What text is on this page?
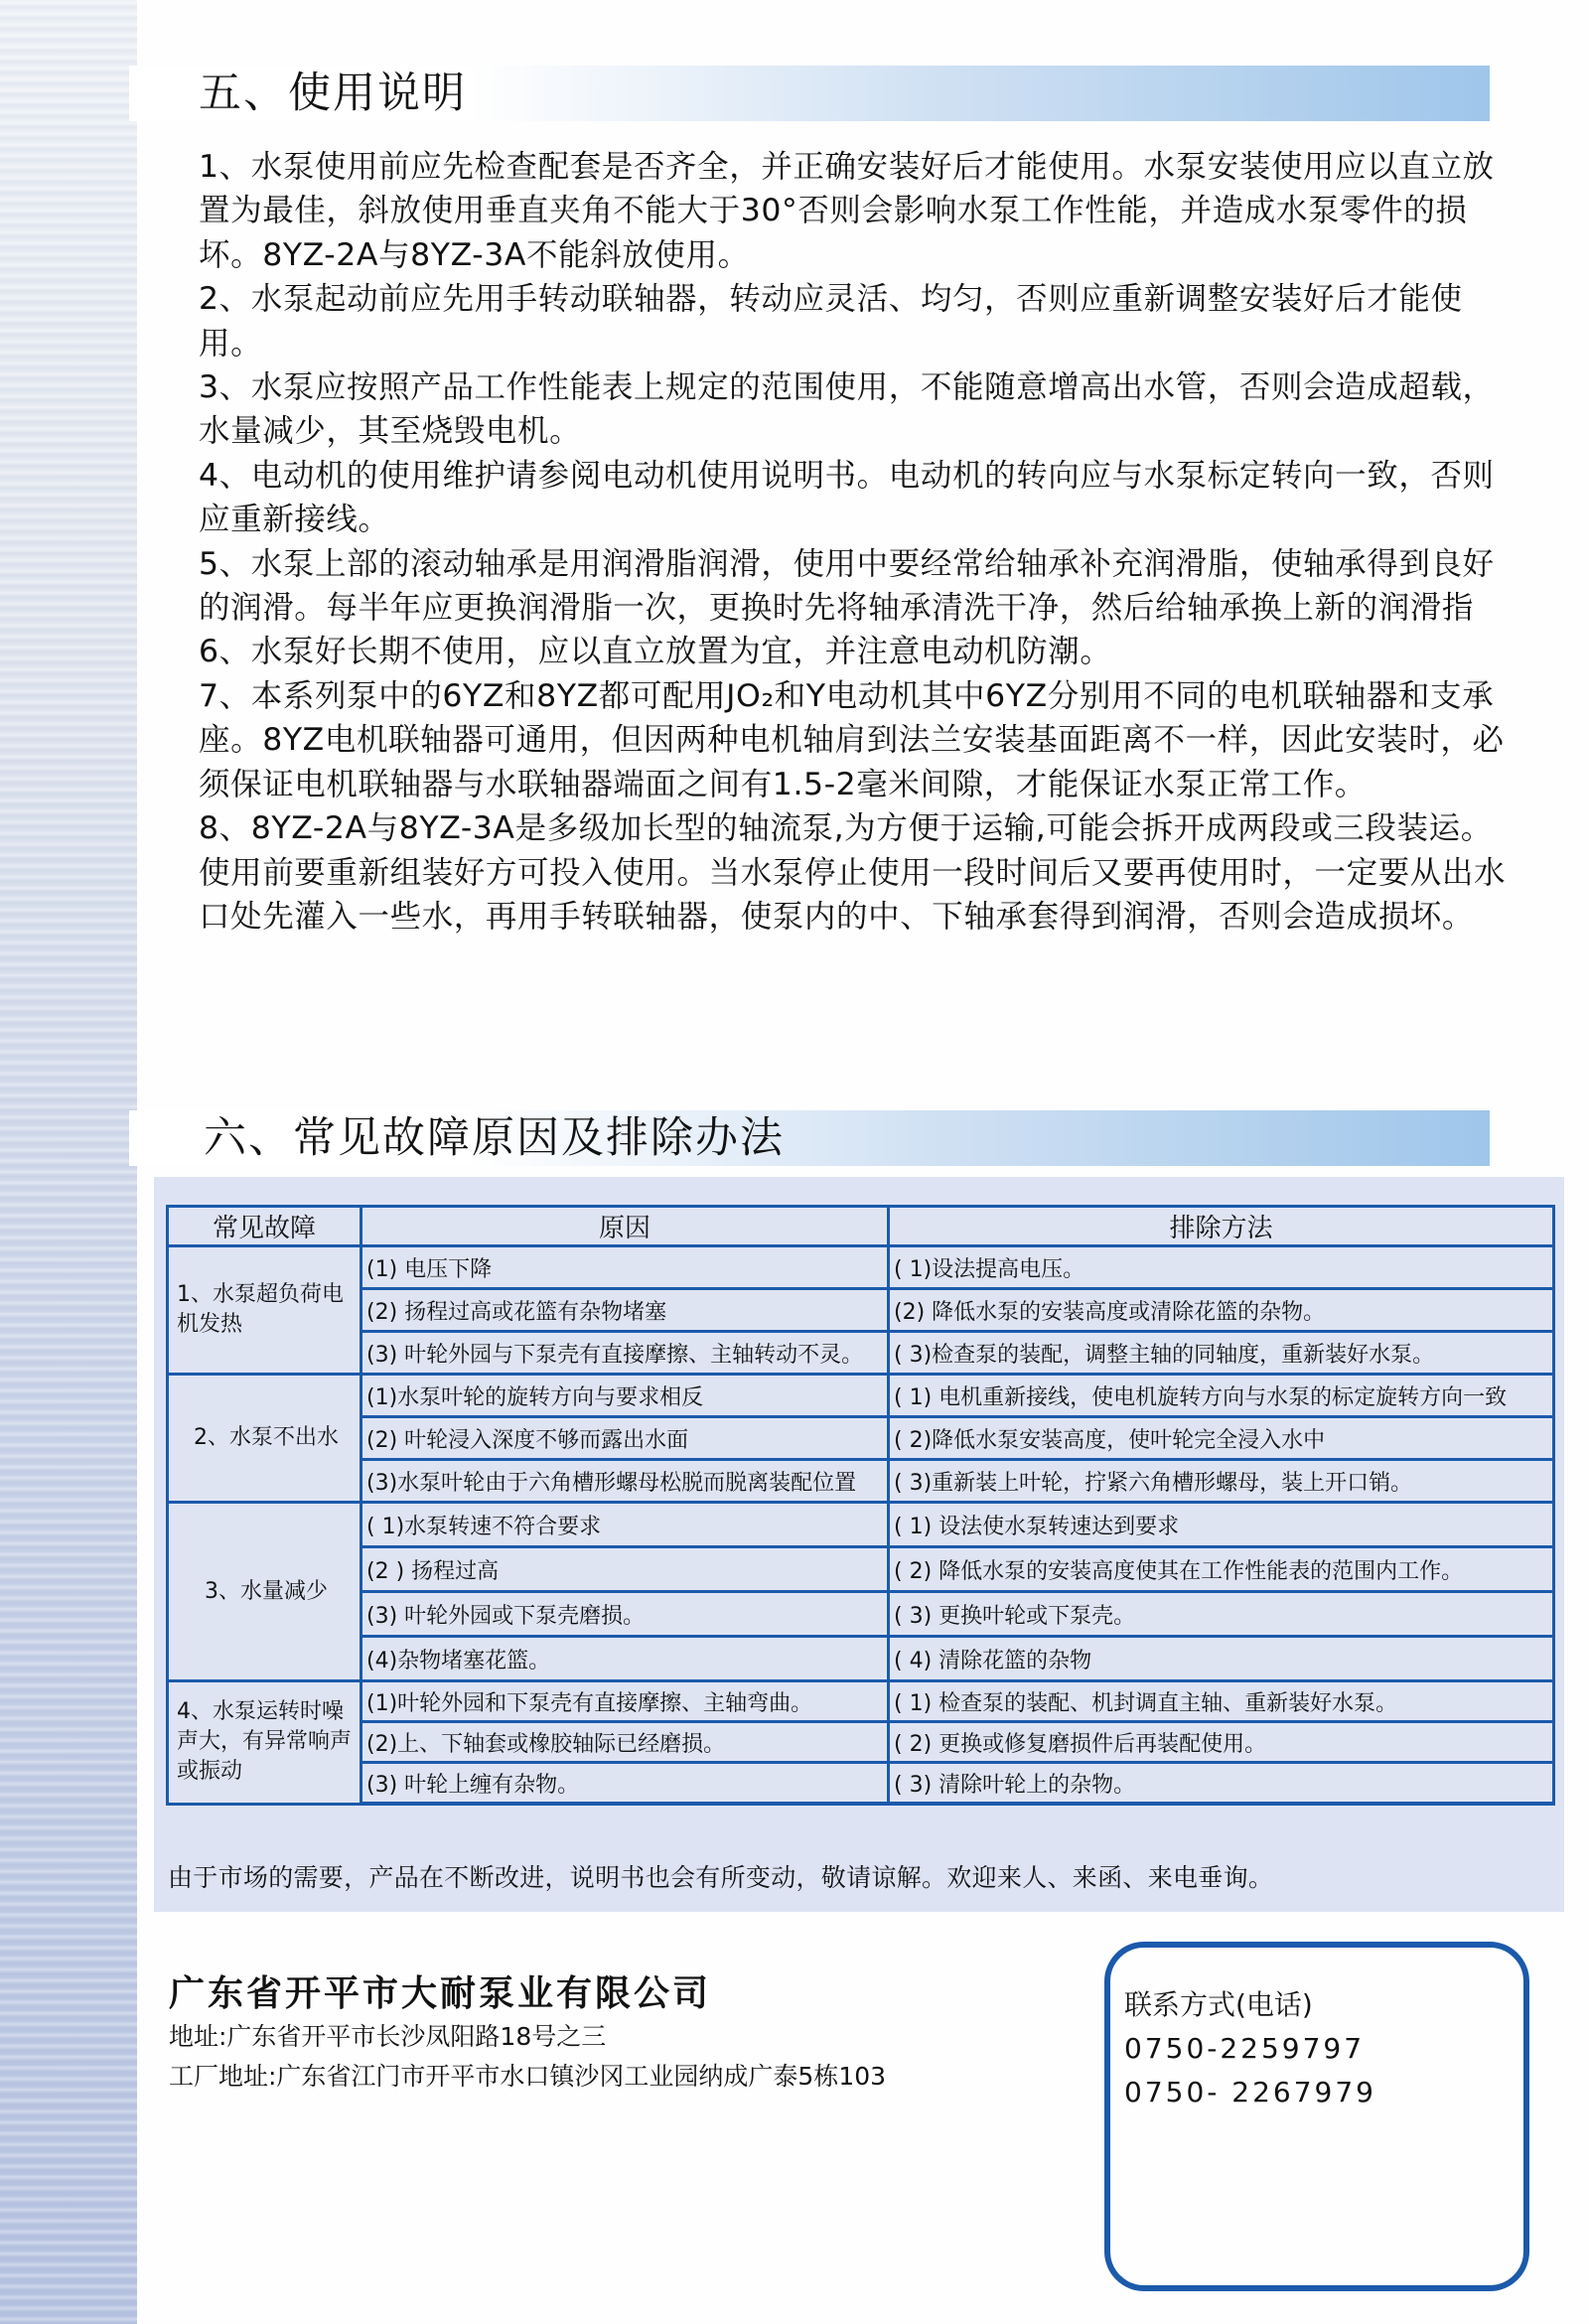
五、使用说明

1、水泵使用前应先检查配套是否齐全，并正确安装好后才能使用。水泵安装使用应以直立放置为最佳，斜放使用垂直夹角不能大于30°否则会影响水泵工作性能，并造成水泵零件的损坏。8YZ-2A与8YZ-3A不能斜放使用。

2、水泵起动前应先用手转动联轴器，转动应灵活、均匀，否则应重新调整安装好后才能使用。

3、水泵应按照产品工作性能表上规定的范围使用，不能随意增高出水管，否则会造成超载，水量减少，其至烧毁电机。

4、电动机的使用维护请参阅电动机使用说明书。电动机的转向应与水泵标定转向一致，否则应重新接线。

5、水泵上部的滚动轴承是用润滑脂润滑，使用中要经常给轴承补充润滑脂，使轴承得到良好的润滑。每半年应更换润滑脂一次，更换时先将轴承清洗干净，然后给轴承换上新的润滑指

6、水泵好长期不使用，应以直立放置为宜，并注意电动机防潮。

7、本系列泵中的6YZ和8YZ都可配用JO₂和Y电动机其中6YZ分别用不同的电机联轴器和支承座。8YZ电机联轴器可通用，但因两种电机轴肩到法兰安装基面距离不一样，因此安装时，必须保证电机联轴器与水联轴器端面之间有1.5-2毫米间隙，才能保证水泵正常工作。

8、8YZ-2A与8YZ-3A是多级加长型的轴流泵,为方便于运输,可能会拆开成两段或三段装运。使用前要重新组装好方可投入使用。当水泵停止使用一段时间后又要再使用时，一定要从出水口处先灌入一些水，再用手转联轴器，使泵内的中、下轴承套得到润滑，否则会造成损坏。

六、常见故障原因及排除办法
常见故障	原因	排除方法
1、水泵超负荷电机发热	(1) 电压下降	( 1)设法提高电压。
	(2) 扬程过高或花篮有杂物堵塞	(2) 降低水泵的安装高度或清除花篮的杂物。
	(3) 叶轮外园与下泵壳有直接摩擦、主轴转动不灵。	( 3)检查泵的装配，调整主轴的同轴度，重新装好水泵。
2、水泵不出水	(1)水泵叶轮的旋转方向与要求相反	( 1) 电机重新接线，使电机旋转方向与水泵的标定旋转方向一致
	(2) 叶轮浸入深度不够而露出水面	( 2)降低水泵安装高度，使叶轮完全浸入水中
	(3)水泵叶轮由于六角槽形螺母松脱而脱离装配位置	( 3)重新装上叶轮，拧紧六角槽形螺母，装上开口销。
3、水量减少	( 1)水泵转速不符合要求	( 1) 设法使水泵转速达到要求
	(2 ) 扬程过高	( 2) 降低水泵的安装高度使其在工作性能表的范围内工作。
	(3) 叶轮外园或下泵壳磨损。	( 3) 更换叶轮或下泵壳。
	(4)杂物堵塞花篮。	( 4) 清除花篮的杂物
4、水泵运转时噪声大，有异常响声或振动	(1)叶轮外园和下泵壳有直接摩擦、主轴弯曲。	( 1) 检查泵的装配、机封调直主轴、重新装好水泵。
	(2)上、下轴套或橡胶轴际已经磨损。	( 2) 更换或修复磨损件后再装配使用。
	(3) 叶轮上缠有杂物。	( 3) 清除叶轮上的杂物。
由于市场的需要，产品在不断改进，说明书也会有所变动，敬请谅解。欢迎来人、来函、来电垂询。
广东省开平市大耐泵业有限公司
地址:广东省开平市长沙凤阳路18号之三
工厂地址:广东省江门市开平市水口镇沙冈工业园纳成广泰5栋103
联系方式(电话)
0750-2259797
0750- 2267979
